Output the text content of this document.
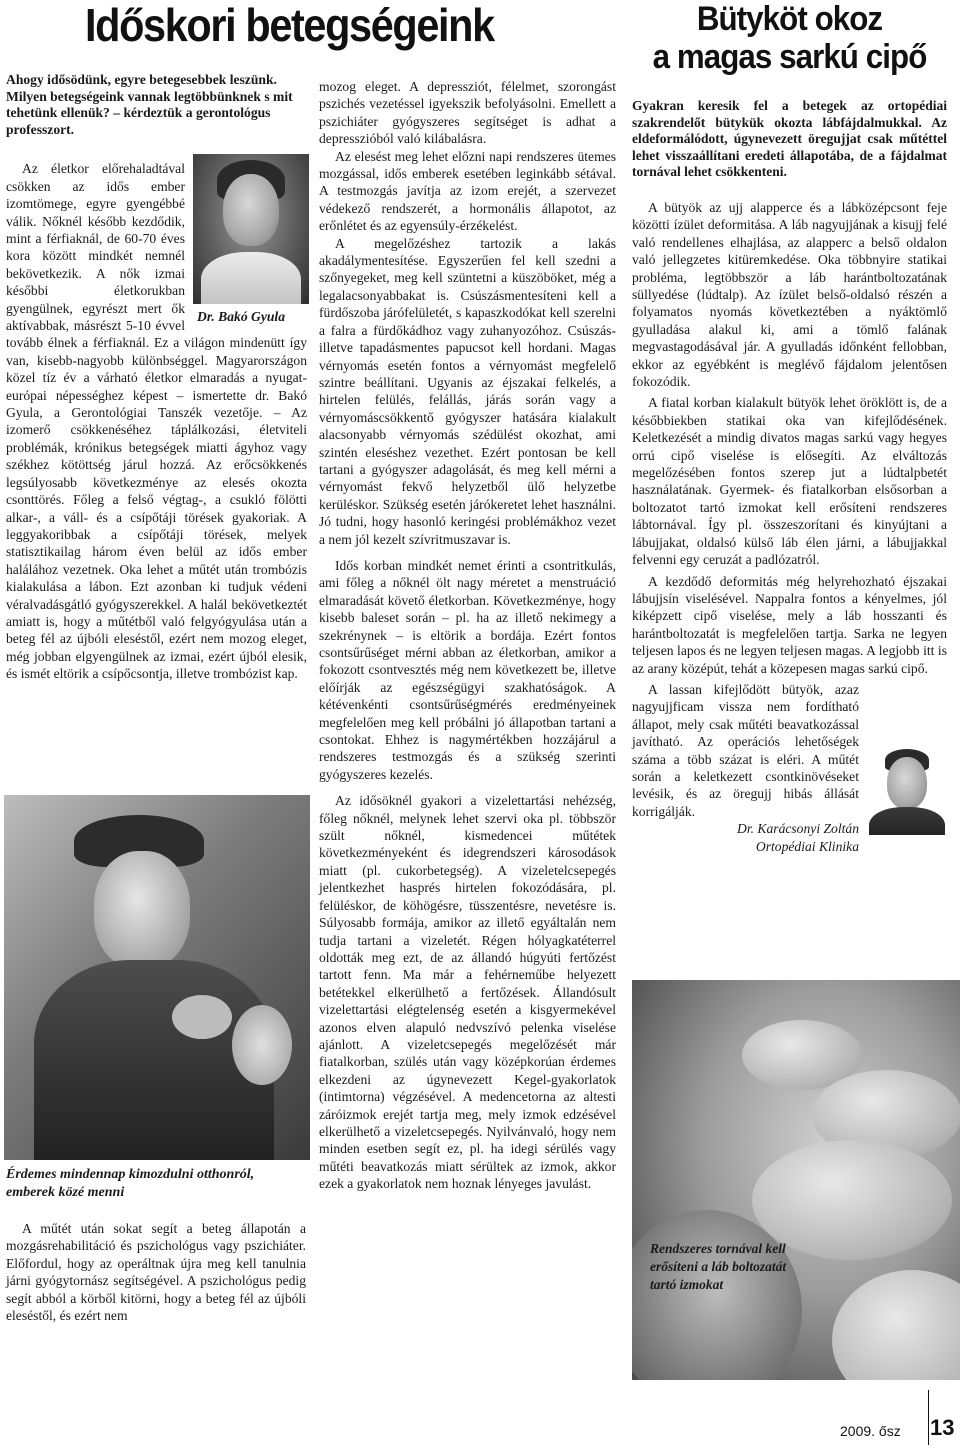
Időskori betegségeink	Bütyköt okoz
a magas sarkú cipő

Ahogy idősödünk, egyre betegesebbek leszünk. Milyen betegségeink vannak legtöbbünknek s mit tehetünk ellenük? – kérdeztük a gerontológus professzort.

Dr. Bakó Gyula

Az életkor előrehaladtával csökken az idős ember izomtömege, egyre gyengébbé válik. Nőknél később kezdődik, mint a férfiaknál, de 60-70 éves kora között mindkét nemnél bekövetkezik. A nők izmai későbbi életkorukban gyengülnek, egyrészt mert ők aktívabbak, másrészt 5-10 évvel tovább élnek a férfiaknál. Ez a világon mindenütt így van, kisebb-nagyobb különbséggel. Magyarországon közel tíz év a várható életkor elmaradás a nyugat-európai népességhez képest – ismertette dr. Bakó Gyula, a Gerontológiai Tanszék vezetője. – Az izomerő csökkenéséhez táplálkozási, életviteli problémák, krónikus betegségek miatti ágyhoz vagy székhez kötöttség járul hozzá. Az erőcsökkenés legsúlyosabb következménye az elesés okozta csonttörés. Főleg a felső végtag-, a csukló fölötti alkar-, a váll- és a csípőtáji törések gyakoriak. A leggyakoribbak a csípőtáji törések, melyek statisztikailag három éven belül az idős ember halálához vezetnek. Oka lehet a műtét után trombózis kialakulása a lábon. Ezt azonban ki tudjuk védeni véralvadásgátló gyógyszerekkel. A halál bekövetkeztét amiatt is, hogy a műtétből való felgyógyulása után a beteg fél az újbóli eleséstől, ezért nem mozog eleget, még jobban elgyengülnek az izmai, ezért újból elesik, és ismét eltörik a csípőcsontja, illetve trombózist kap.

Érdemes mindennap kimozdulni otthonról, emberek közé menni

A műtét után sokat segít a beteg állapotán a mozgásrehabilitáció és pszichológus vagy pszichiáter. Előfordul, hogy az operáltnak újra meg kell tanulnia járni gyógytornász segítségével. A pszichológus pedig segít abból a körből kitörni, hogy a beteg fél az újbóli eleséstől, és ezért nem

mozog eleget. A depressziót, félelmet, szorongást pszichés vezetéssel igyekszik befolyásolni. Emellett a pszichiáter gyógyszeres segítséget is adhat a depresszióból való kilábalásra.

Az elesést meg lehet előzni napi rendszeres ütemes mozgással, idős emberek esetében leginkább sétával. A testmozgás javítja az izom erejét, a szervezet védekező rendszerét, a hormonális állapotot, az erőnlétet és az egyensúly-érzékelést.

A megelőzéshez tartozik a lakás akadálymentesítése. Egyszerűen fel kell szedni a szőnyegeket, meg kell szüntetni a küszöböket, még a legalacsonyabbakat is. Csúszásmentesíteni kell a fürdőszoba járófelületét, s kapaszkodókat kell szerelni a falra a fürdőkádhoz vagy zuhanyozóhoz. Csúszás- illetve tapadásmentes papucsot kell hordani. Magas vérnyomás esetén fontos a vérnyomást megfelelő szintre beállítani. Ugyanis az éjszakai felkelés, a hirtelen felülés, felállás, járás során vagy a vérnyomáscsökkentő gyógyszer hatására kialakult alacsonyabb vérnyomás szédülést okozhat, ami szintén eleséshez vezethet. Ezért pontosan be kell tartani a gyógyszer adagolását, és meg kell mérni a vérnyomást fekvő helyzetből ülő helyzetbe kerüléskor. Szükség esetén járókeretet lehet használni. Jó tudni, hogy hasonló keringési problémákhoz vezet a nem jól kezelt szívritmuszavar is.

Idős korban mindkét nemet érinti a csontritkulás, ami főleg a nőknél ölt nagy méretet a menstruáció elmaradását követő életkorban. Következménye, hogy kisebb baleset során – pl. ha az illető nekimegy a szekrénynek – is eltörik a bordája. Ezért fontos csontsűrűséget mérni abban az életkorban, amikor a fokozott csontvesztés még nem következett be, illetve előírják az egészségügyi szakhatóságok. A kétévenkénti csontsűrűségmérés eredményeinek megfelelően meg kell próbálni jó állapotban tartani a csontokat. Ehhez is nagymértékben hozzájárul a rendszeres testmozgás és a szükség szerinti gyógyszeres kezelés.

Az idősöknél gyakori a vizelettartási nehézség, főleg nőknél, melynek lehet szervi oka pl. többször szült nőknél, kismedencei műtétek következményeként és idegrendszeri károsodások miatt (pl. cukorbetegség). A vizeletelcsepegés jelentkezhet hasprés hirtelen fokozódására, pl. felüléskor, de köhögésre, tüsszentésre, nevetésre is. Súlyosabb formája, amikor az illető egyáltalán nem tudja tartani a vizeletét. Régen hólyagkatéterrel oldották meg ezt, de az állandó húgyúti fertőzést tartott fenn. Ma már a fehérneműbe helyezett betétekkel elkerülhető a fertőzések. Állandósult vizelettartási elégtelenség esetén a kisgyermekével azonos elven alapuló nedvszívó pelenka viselése ajánlott. A vizeletcsepegés megelőzését már fiatalkorban, szülés után vagy középkorúan érdemes elkezdeni az úgynevezett Kegel-gyakorlatok (intimtorna) végzésével. A medencetorna az altesti záróizmok erejét tartja meg, mely izmok edzésével elkerülhető a vizeletcsepegés. Nyilvánvaló, hogy nem minden esetben segít ez, pl. ha idegi sérülés vagy műtéti beavatkozás miatt sérültek az izmok, akkor ezek a gyakorlatok nem hoznak lényeges javulást.

Gyakran keresik fel a betegek az ortopédiai szakrendelőt bütykük okozta lábfájdalmukkal. Az eldeformálódott, úgynevezett öregujjat csak műtéttel lehet visszaállítani eredeti állapotába, de a fájdalmat tornával lehet csökkenteni.

A bütyök az ujj alapperce és a lábközépcsont feje közötti ízület deformitása. A láb nagyujjának a kisujj felé való rendellenes elhajlása, az alapperc a belső oldalon való jellegzetes kitüremkedése. Oka többnyire statikai probléma, legtöbbször a láb harántboltozatának süllyedése (lúdtalp). Az ízület belső-oldalsó részén a folyamatos nyomás következtében a nyáktömlő gyulladása alakul ki, ami a tömlő falának megvastagodásával jár. A gyulladás időnként fellobban, ekkor az egyébként is meglévő fájdalom jelentősen fokozódik.

A fiatal korban kialakult bütyök lehet öröklött is, de a későbbiekben statikai oka van kifejlődésének. Keletkezését a mindig divatos magas sarkú vagy hegyes orrú cipő viselése is elősegíti. Az elváltozás megelőzésében fontos szerep jut a lúdtalpbetét használatának. Gyermek- és fiatalkorban elsősorban a boltozatot tartó izmokat kell erősíteni rendszeres lábtornával. Így pl. összeszorítani és kinyújtani a lábujjakat, oldalsó külső láb élen járni, a lábujjakkal felvenni egy ceruzát a padlózatról.

A kezdődő deformitás még helyrehozható éjszakai lábujjsín viselésével. Nappalra fontos a kényelmes, jól kiképzett cipő viselése, mely a láb hosszanti és harántboltozatát is megfelelően tartja. Sarka ne legyen teljesen lapos és ne legyen teljesen magas. A legjobb itt is az arany középút, tehát a közepesen magas sarkú cipő.

A lassan kifejlődött bütyök, azaz nagyujjficam vissza nem fordítható állapot, mely csak műtéti beavatkozással javítható. Az operációs lehetőségek száma a több százat is eléri. A műtét során a keletkezett csontkinövéseket levésik, és az öregujj hibás állását korrigálják.

Dr. Karácsonyi Zoltán
Ortopédiai Klinika
Rendszeres tornával kell erősíteni a láb boltozatát tartó izmokat
2009. ősz 13
